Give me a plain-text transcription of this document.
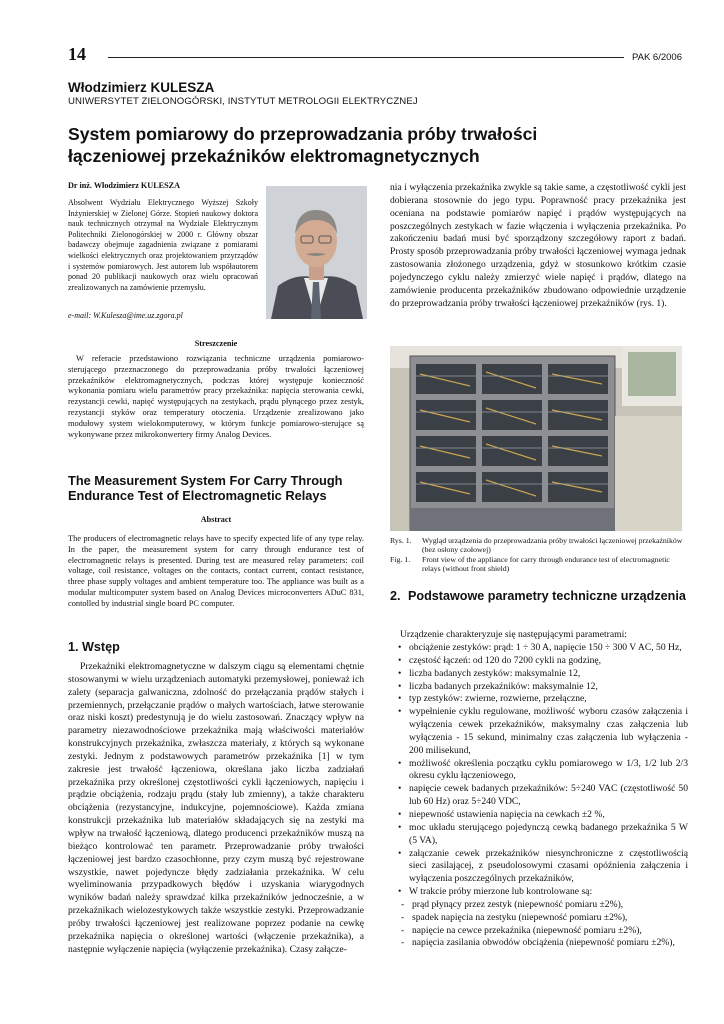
14	PAK 6/2006
Włodzimierz KULESZA
UNIWERSYTET ZIELONOGÓRSKI, INSTYTUT METROLOGII ELEKTRYCZNEJ
System pomiarowy do przeprowadzania próby trwałości łączeniowej przekaźników elektromagnetycznych
Dr inż. Włodzimierz KULESZA
Absolwent Wydziału Elektrycznego Wyższej Szkoły Inżynierskiej w Zielonej Górze. Stopień naukowy doktora nauk technicznych otrzymał na Wydziale Elektrycznym Politechniki Zielonogórskiej w 2000 r. Główny obszar badawczy obejmuje zagadnienia związane z pomiarami wielkości elektrycznych oraz projektowaniem przyrządów i systemów pomiarowych. Jest autorem lub współautorem ponad 20 publikacji naukowych oraz wielu opracowań zrealizowanych na zamówienie przemysłu.
e-mail: W.Kulesza@ime.uz.zgora.pl
Streszczenie
W referacie przedstawiono rozwiązania techniczne urządzenia pomiarowo-sterującego przeznaczonego do przeprowadzania próby trwałości łączeniowej przekaźników elektromagnetycznych, podczas której występuje konieczność wykonania pomiaru wielu parametrów pracy przekaźnika: napięcia sterowania cewki, rezystancji cewki, napięć występujących na zestykach, prądu płynącego przez zestyk, rezystancji styków oraz temperatury otoczenia. Urządzenie zrealizowano jako modułowy system wielokomputerowy, w którym funkcje pomiarowo-sterujące są wykonywane przez mikrokonwertery firmy Analog Devices.
The Measurement System For Carry Through Endurance Test of Electromagnetic Relays
Abstract
The producers of electromagnetic relays have to specify expected life of any type relay. In the paper, the measurement system for carry through endurance test of electromagnetic relays is presented. During test are measured relay parameters: coil voltage, coil resistance, voltages on the contacts, contact current, contact resistance, three phase supply voltages and ambient temperature too. The appliance was built as a modular multicomputer system based on Analog Devices microconverters ADuC 831, contolled by industrial single board PC computer.
1. Wstęp
Przekaźniki elektromagnetyczne w dalszym ciągu są elementami chętnie stosowanymi w wielu urządzeniach automatyki przemysłowej, ponieważ ich zalety (separacja galwaniczna, zdolność do przełączania prądów stałych i przemiennych, przełączanie prądów o małych wartościach, łatwe sterowanie oraz niski koszt) predestynują je do wielu zastosowań. Znaczący wpływ na parametry niezawodnościowe przekaźnika mają właściwości materiałów konstrukcyjnych przekaźnika, zwłaszcza materiały, z których są wykonane zestyki. Jednym z podstawowych parametrów przekaźnika [1] w tym zakresie jest trwałość łączeniowa, określana jako liczba zadziałań przekaźnika przy określonej częstotliwości cykli łączeniowych, napięciu i prądzie obciążenia, rodzaju prądu (stały lub zmienny), a także charakteru obciążenia (rezystancyjne, indukcyjne, pojemnościowe). Każda zmiana konstrukcji przekaźnika lub materiałów składających się na zestyki ma wpływ na trwałość łączeniową, dlatego producenci przekaźników muszą na bieżąco kontrolować ten parametr. Przeprowadzanie próby trwałości łączeniowej jest bardzo czasochłonne, przy czym muszą być rejestrowane wszystkie, nawet pojedyncze błędy zadziałania przekaźnika. W celu wyeliminowania przypadkowych błędów i uzyskania wiarygodnych wyników badań należy sprawdzać kilka przekaźników jednocześnie, a w przekaźnikach wielozestykowych także wszystkie zestyki. Przeprowadzanie próby trwałości łączeniowej jest realizowane poprzez podanie na cewkę przekaźnika napięcia o określonej wartości (włączenie przekaźnika), a następnie wyłączenie napięcia (wyłączenie przekaźnika). Czasy załącze-
nia i wyłączenia przekaźnika zwykle są takie same, a częstotliwość cykli jest dobierana stosownie do jego typu. Poprawność pracy przekaźnika jest oceniana na podstawie pomiarów napięć i prądów występujących na poszczególnych zestykach w fazie włączenia i wyłączenia przekaźnika. Po zakończeniu badań musi być sporządzony szczegółowy raport z badań. Prosty sposób przeprowadzania próby trwałości łączeniowej wymaga jednak zastosowania złożonego urządzenia, gdyż w stosunkowo krótkim czasie pojedynczego cyklu należy zmierzyć wiele napięć i prądów, dlatego na zamówienie producenta przekaźników zbudowano odpowiednie urządzenie do przeprowadzania próby trwałości łączeniowej przekaźników (rys. 1).
Rys. 1.	Wygląd urządzenia do przeprowadzania próby trwałości łączeniowej przekaźników (bez osłony czołowej)
Fig. 1.	Front view of the appliance for carry through endurance test of electromagnetic relays (without front shield)
2. Podstawowe parametry techniczne urządzenia
Urządzenie charakteryzuje się następującymi parametrami:
• obciążenie zestyków: prąd: 1 ÷ 30 A, napięcie 150 ÷ 300 V AC, 50 Hz,
• częstość łączeń: od 120 do 7200 cykli na godzinę,
• liczba badanych zestyków: maksymalnie 12,
• liczba badanych przekaźników: maksymalnie 12,
• typ zestyków: zwierne, rozwierne, przełączne,
• wypełnienie cyklu regulowane, możliwość wyboru czasów załączenia i wyłączenia cewek przekaźników, maksymalny czas załączenia lub wyłączenia - 15 sekund, minimalny czas załączenia lub wyłączenia - 200 milisekund,
• możliwość określenia początku cyklu pomiarowego w 1/3, 1/2 lub 2/3 okresu cyklu łączeniowego,
• napięcie cewek badanych przekaźników: 5÷240 VAC (częstotliwość 50 lub 60 Hz) oraz 5÷240 VDC,
• niepewność ustawienia napięcia na cewkach ±2 %,
• moc układu sterującego pojedynczą cewką badanego przekaźnika 5 W (5 VA),
• załączanie cewek przekaźników niesynchroniczne z częstotliwością sieci zasilającej, z pseudolosowymi czasami opóźnienia załączenia i wyłączenia poszczególnych przekaźników,
• W trakcie próby mierzone lub kontrolowane są:
- prąd płynący przez zestyk (niepewność pomiaru ±2%),
- spadek napięcia na zestyku (niepewność pomiaru ±2%),
- napięcie na cewce przekaźnika (niepewność pomiaru ±2%),
- napięcia zasilania obwodów obciążenia (niepewność pomiaru ±2%),
